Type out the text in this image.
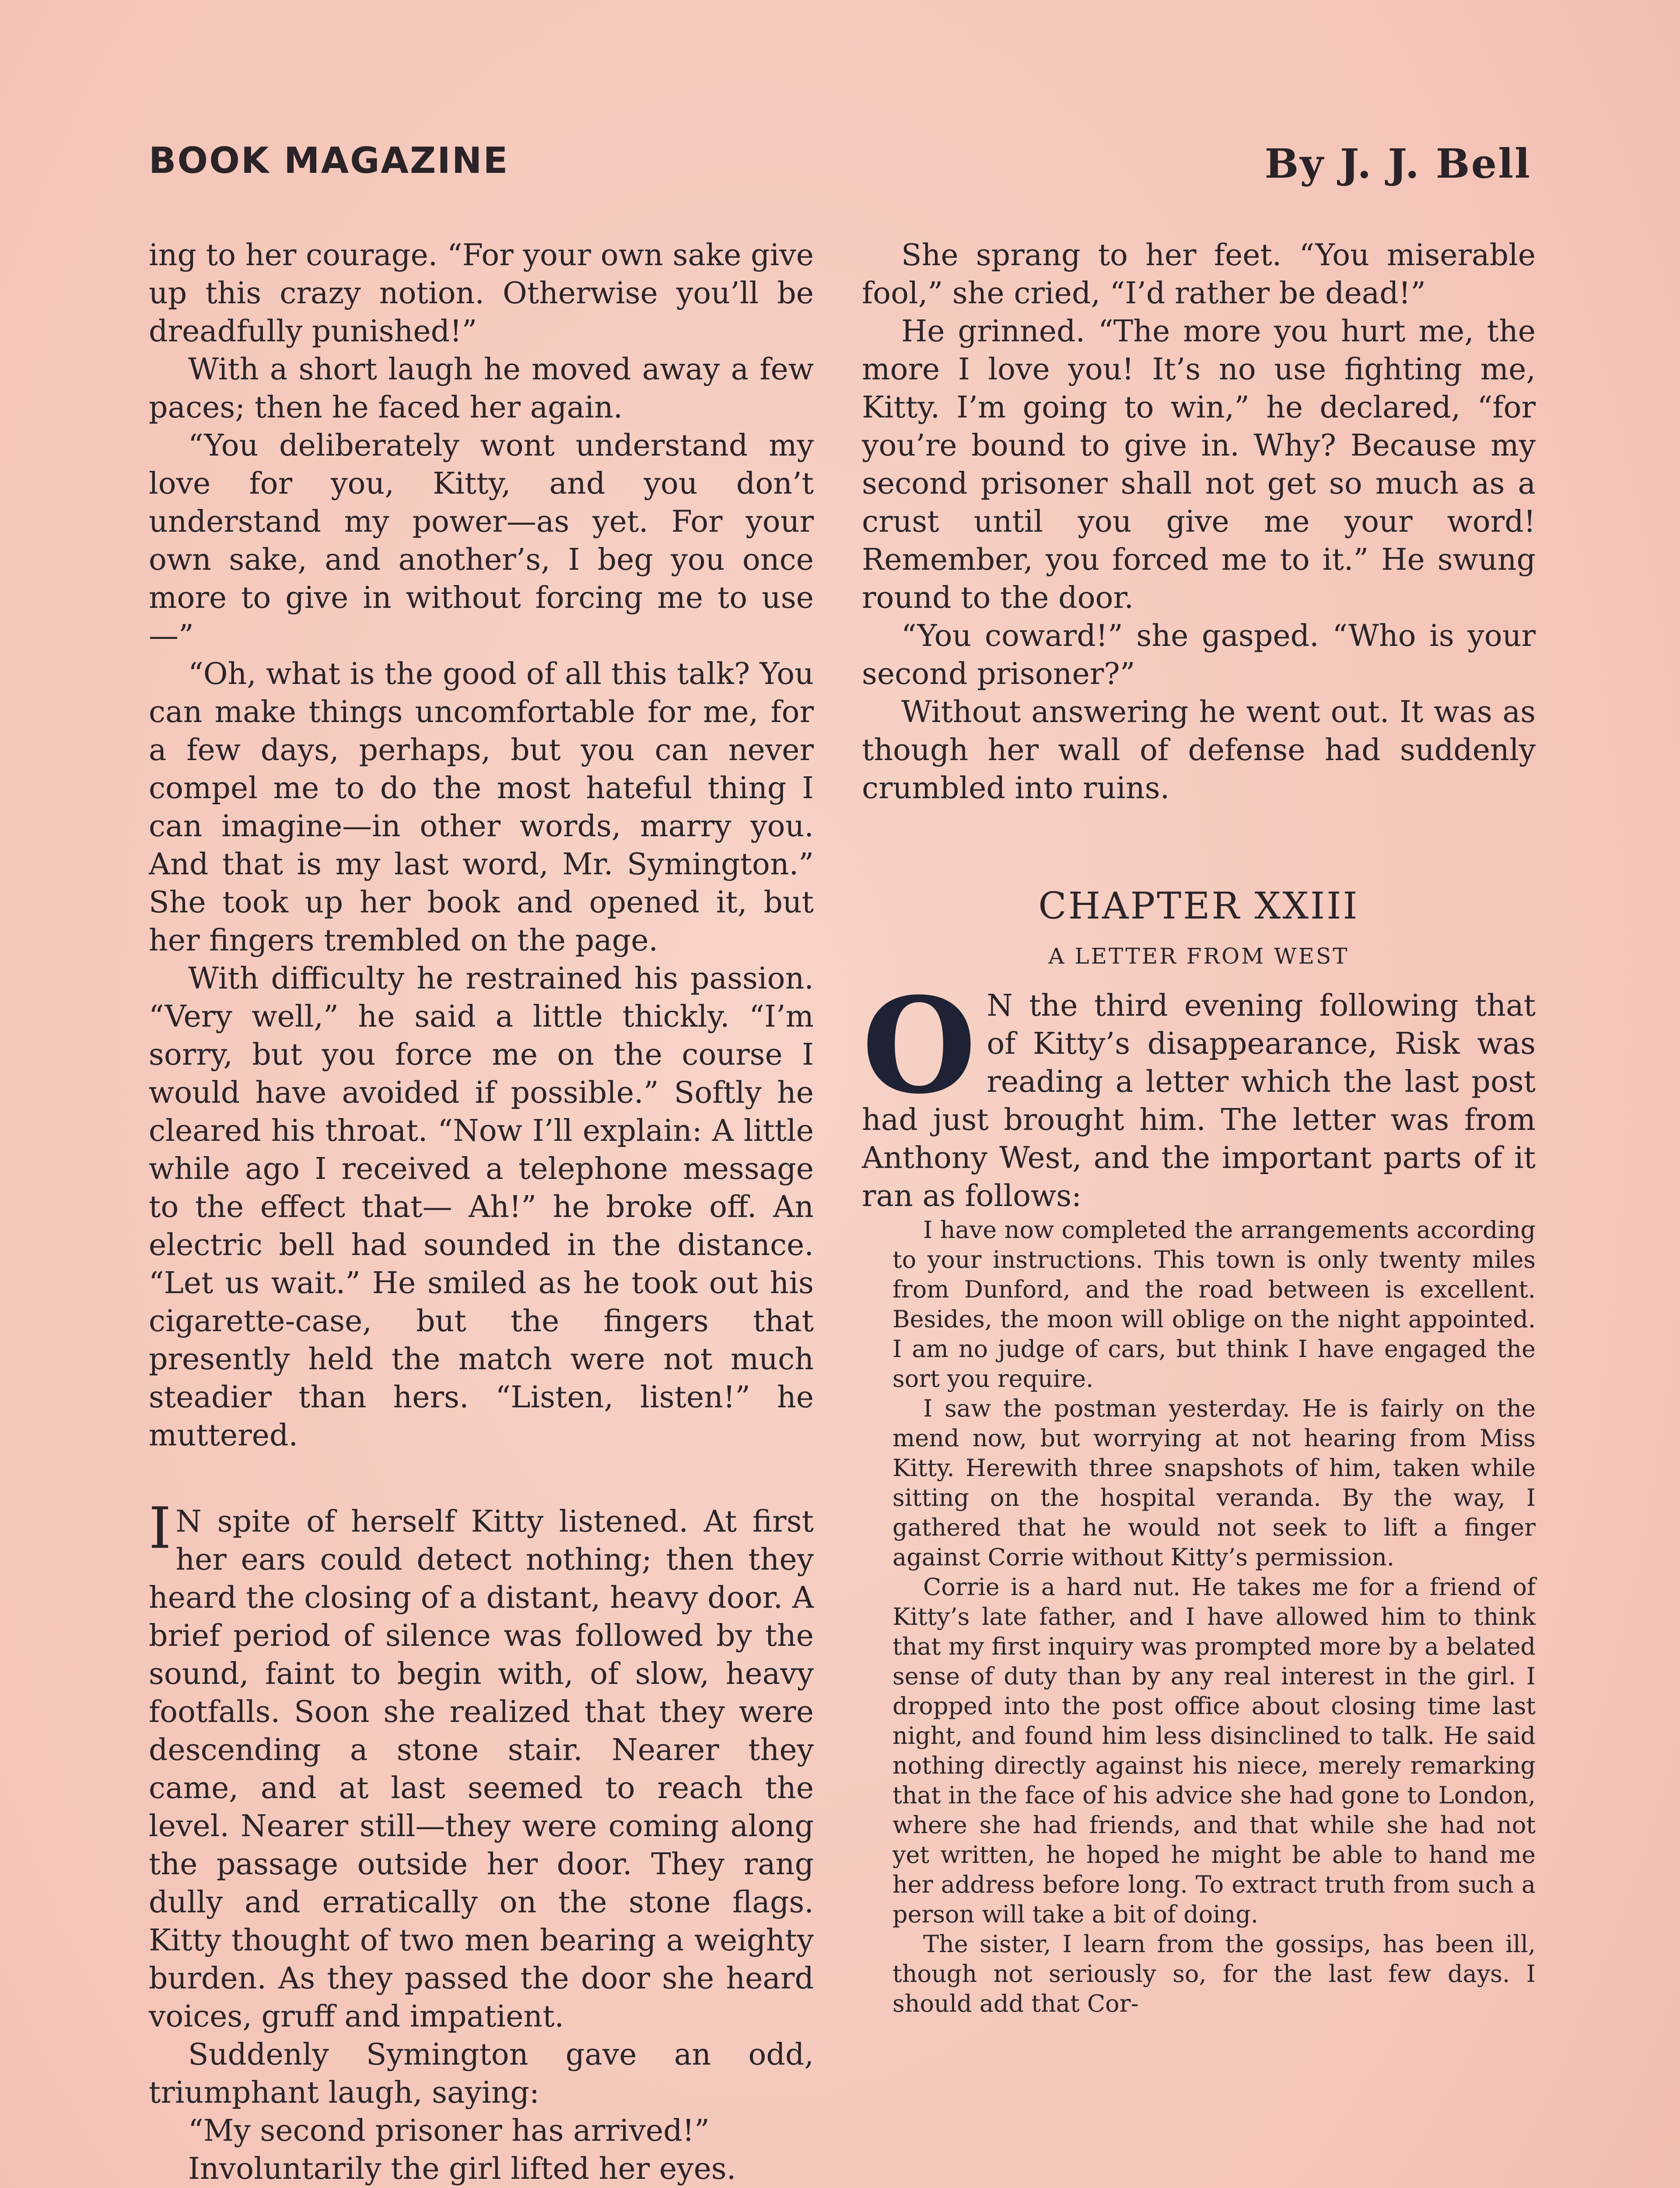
BOOK MAGAZINE	By J. J. Bell

ing to her courage. “For your own sake give up this crazy notion. Otherwise you’ll be dreadfully punished!”

With a short laugh he moved away a few paces; then he faced her again.

“You deliberately wont understand my love for you, Kitty, and you don’t understand my power—as yet. For your own sake, and another’s, I beg you once more to give in without forcing me to use—”

“Oh, what is the good of all this talk? You can make things uncomfortable for me, for a few days, perhaps, but you can never compel me to do the most hateful thing I can imagine—in other words, marry you. And that is my last word, Mr. Symington.” She took up her book and opened it, but her fingers trembled on the page.

With difficulty he restrained his passion. “Very well,” he said a little thickly. “I’m sorry, but you force me on the course I would have avoided if possible.” Softly he cleared his throat. “Now I’ll explain: A little while ago I received a telephone message to the effect that— Ah!” he broke off. An electric bell had sounded in the distance. “Let us wait.” He smiled as he took out his cigarette-case, but the fingers that presently held the match were not much steadier than hers. “Listen, listen!” he muttered.

I N spite of herself Kitty listened. At first her ears could detect nothing; then they heard the closing of a distant, heavy door. A brief period of silence was followed by the sound, faint to begin with, of slow, heavy footfalls. Soon she realized that they were descending a stone stair. Nearer they came, and at last seemed to reach the level. Nearer still—they were coming along the passage outside her door. They rang dully and erratically on the stone flags. Kitty thought of two men bearing a weighty burden. As they passed the door she heard voices, gruff and impatient.

Suddenly Symington gave an odd, triumphant laugh, saying:

“My second prisoner has arrived!”

Involuntarily the girl lifted her eyes.

She sprang to her feet. “You miserable fool,” she cried, “I’d rather be dead!”

He grinned. “The more you hurt me, the more I love you! It’s no use fighting me, Kitty. I’m going to win,” he declared, “for you’re bound to give in. Why? Because my second prisoner shall not get so much as a crust until you give me your word! Remember, you forced me to it.” He swung round to the door.

“You coward!” she gasped. “Who is your second prisoner?”

Without answering he went out. It was as though her wall of defense had suddenly crumbled into ruins.

CHAPTER XXIII
A LETTER FROM WEST

O N the third evening following that of Kitty’s disappearance, Risk was reading a letter which the last post had just brought him. The letter was from Anthony West, and the important parts of it ran as follows:

I have now completed the arrangements according to your instructions. This town is only twenty miles from Dunford, and the road between is excellent. Besides, the moon will oblige on the night appointed. I am no judge of cars, but think I have engaged the sort you require.

I saw the postman yesterday. He is fairly on the mend now, but worrying at not hearing from Miss Kitty. Herewith three snapshots of him, taken while sitting on the hospital veranda. By the way, I gathered that he would not seek to lift a finger against Corrie without Kitty’s permission.

Corrie is a hard nut. He takes me for a friend of Kitty’s late father, and I have allowed him to think that my first inquiry was prompted more by a belated sense of duty than by any real interest in the girl. I dropped into the post office about closing time last night, and found him less disinclined to talk. He said nothing directly against his niece, merely remarking that in the face of his advice she had gone to London, where she had friends, and that while she had not yet written, he hoped he might be able to hand me her address before long. To extract truth from such a person will take a bit of doing.

The sister, I learn from the gossips, has been ill, though not seriously so, for the last few days. I should add that Cor-
